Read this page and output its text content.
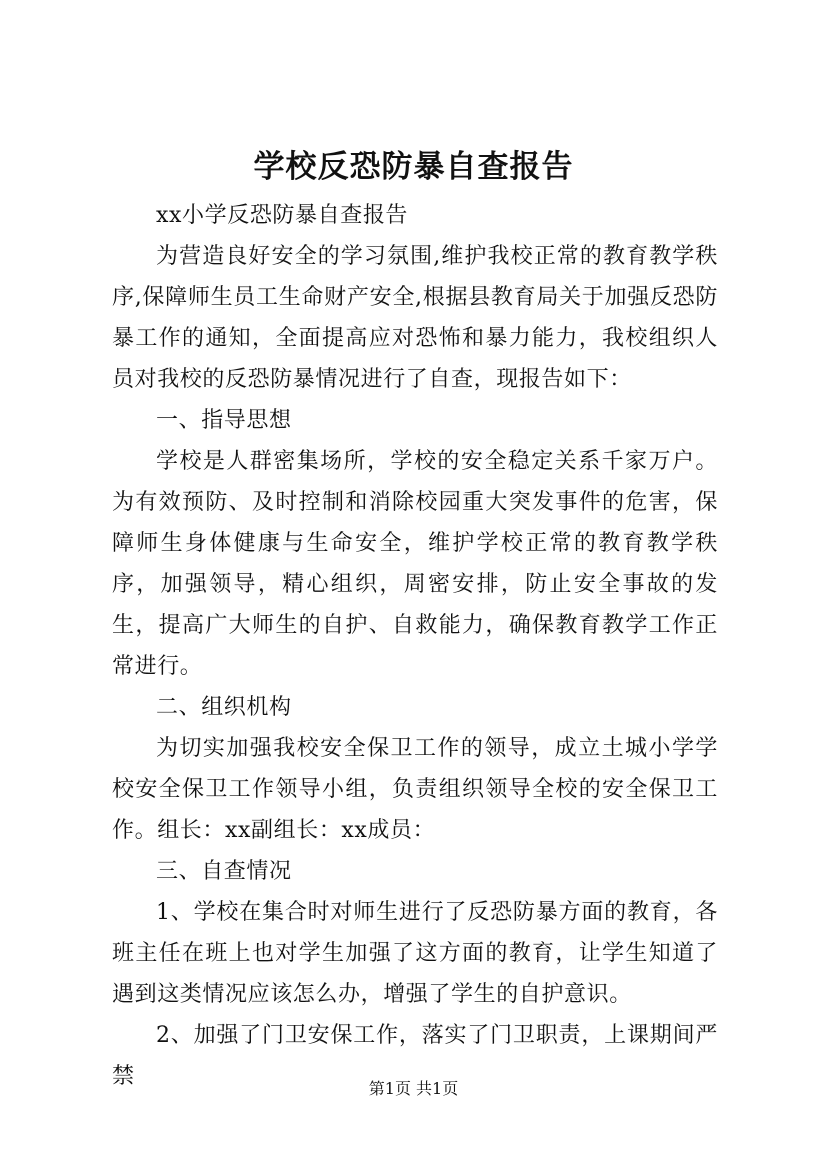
学校反恐防暴自查报告

xx小学反恐防暴自查报告

为营造良好安全的学习氛围,维护我校正常的教育教学秩序,保障师生员工生命财产安全,根据县教育局关于加强反恐防暴工作的通知，全面提高应对恐怖和暴力能力，我校组织人员对我校的反恐防暴情况进行了自查，现报告如下：

一、指导思想

学校是人群密集场所，学校的安全稳定关系千家万户。为有效预防、及时控制和消除校园重大突发事件的危害，保障师生身体健康与生命安全，维护学校正常的教育教学秩序，加强领导，精心组织，周密安排，防止安全事故的发生，提高广大师生的自护、自救能力，确保教育教学工作正常进行。

二、组织机构

为切实加强我校安全保卫工作的领导，成立土城小学学校安全保卫工作领导小组，负责组织领导全校的安全保卫工作。组长：xx副组长：xx成员：

三、自查情况

1、学校在集合时对师生进行了反恐防暴方面的教育，各班主任在班上也对学生加强了这方面的教育，让学生知道了遇到这类情况应该怎么办，增强了学生的自护意识。

2、加强了门卫安保工作，落实了门卫职责，上课期间严禁	第1页 共1页
